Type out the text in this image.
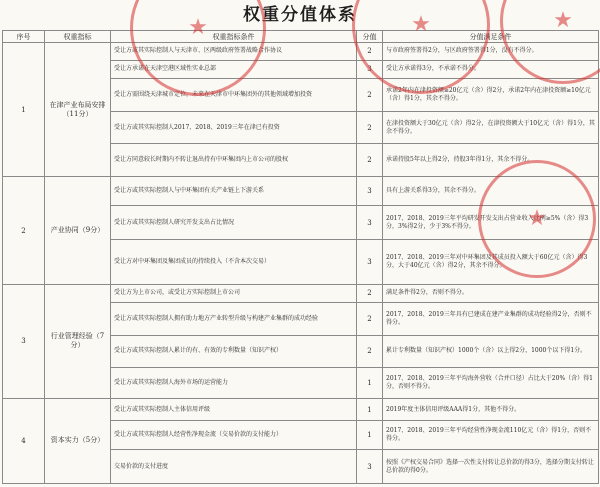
权重分值体系
序号	权重指标	权重指标条件	分值	分值满足条件
1	在津产业布局安排（11分）	受让方或其实际控制人与天津市、区两级政府签署战略合作协议	2	与市政府签署得2分，与区政府签署得1分，没有不得分。
		受让方承诺在天津空港区域性实业总部	3	受让方承诺得3分，不承诺不得分。
		受让方需围绕天津城市定位，未来在天津市中环集团外的其他领域增加投资	2	承诺2年内在津投资额≥20亿元（含）得2分，承诺2年内在津投资额≥10亿元（含）得1分，其余不得分。
		受让方或其实际控制人2017、2018、2019三年在津已有投资	2	在津投资额大于30亿元（含）得2分，在津投资额大于10亿元（含）得1分，其余不得分。
		受让方同意较长时期内不转让退出持有中环集团内上市公司的股权	2	承诺持股5年以上得2分，持股3年得1分，其余不得分。
2	产业协同（9分）	受让方或其实际控制人与中环集团有关产业链上下游关系	3	具有上游关系得3分，其余不得分。
		受让方或其实际控制人研究开发支出占比情况	3	2017、2018、2019三年平均研发开发支出占营业收入比例≥5%（含）得3分，3%得2分，少于3%不得分。
		受让方对中环集团及集团成员的持续投入（不含本次交易）	3	2017、2018、2019三年对中环集团及其成员投入额大于60亿元（含）得3分，大于40亿元（含）得2分，其余不得分。
3	行业管理经验（7分）	受让方为上市公司，或受让方实际控制上市公司	2	满足条件得2分，否则不得分。
		受让方或其实际控制人拥有助力地方产业转型升级与构建产业集群的成功经验	2	2017、2018、2019三年具有已建成在建产业集群的成功经验得2分，否则不得分。
		受让方或其实际控制人累计的有、有效的专利数量（知识产权）	2	累计专利数量（知识产权）1000个（含）以上得2分，1000个以下得1分。
		受让方或其实际控制人海外市场的运营能力	1	2017、2018、2019三年平均海外营收（合并口径）占比大于20%（含）得1分，否则不得分。
4	资本实力（5分）	受让方或其实际控制人主体信用评级	1	2019年度主体信用评级AAA得1分，其他不得分。
		受让方或其实际控制人经营性净现金流（交易价款的支付能力）	1	2017、2018、2019三年平均经营性净现金流110亿元（含）得1分，否则不得分。
		交易价款的支付进度	3	按照《产权交易合同》选择一次性支付转让总价款的得3分，选择分期支付转让总价款的得0分。
★	★	★
★
